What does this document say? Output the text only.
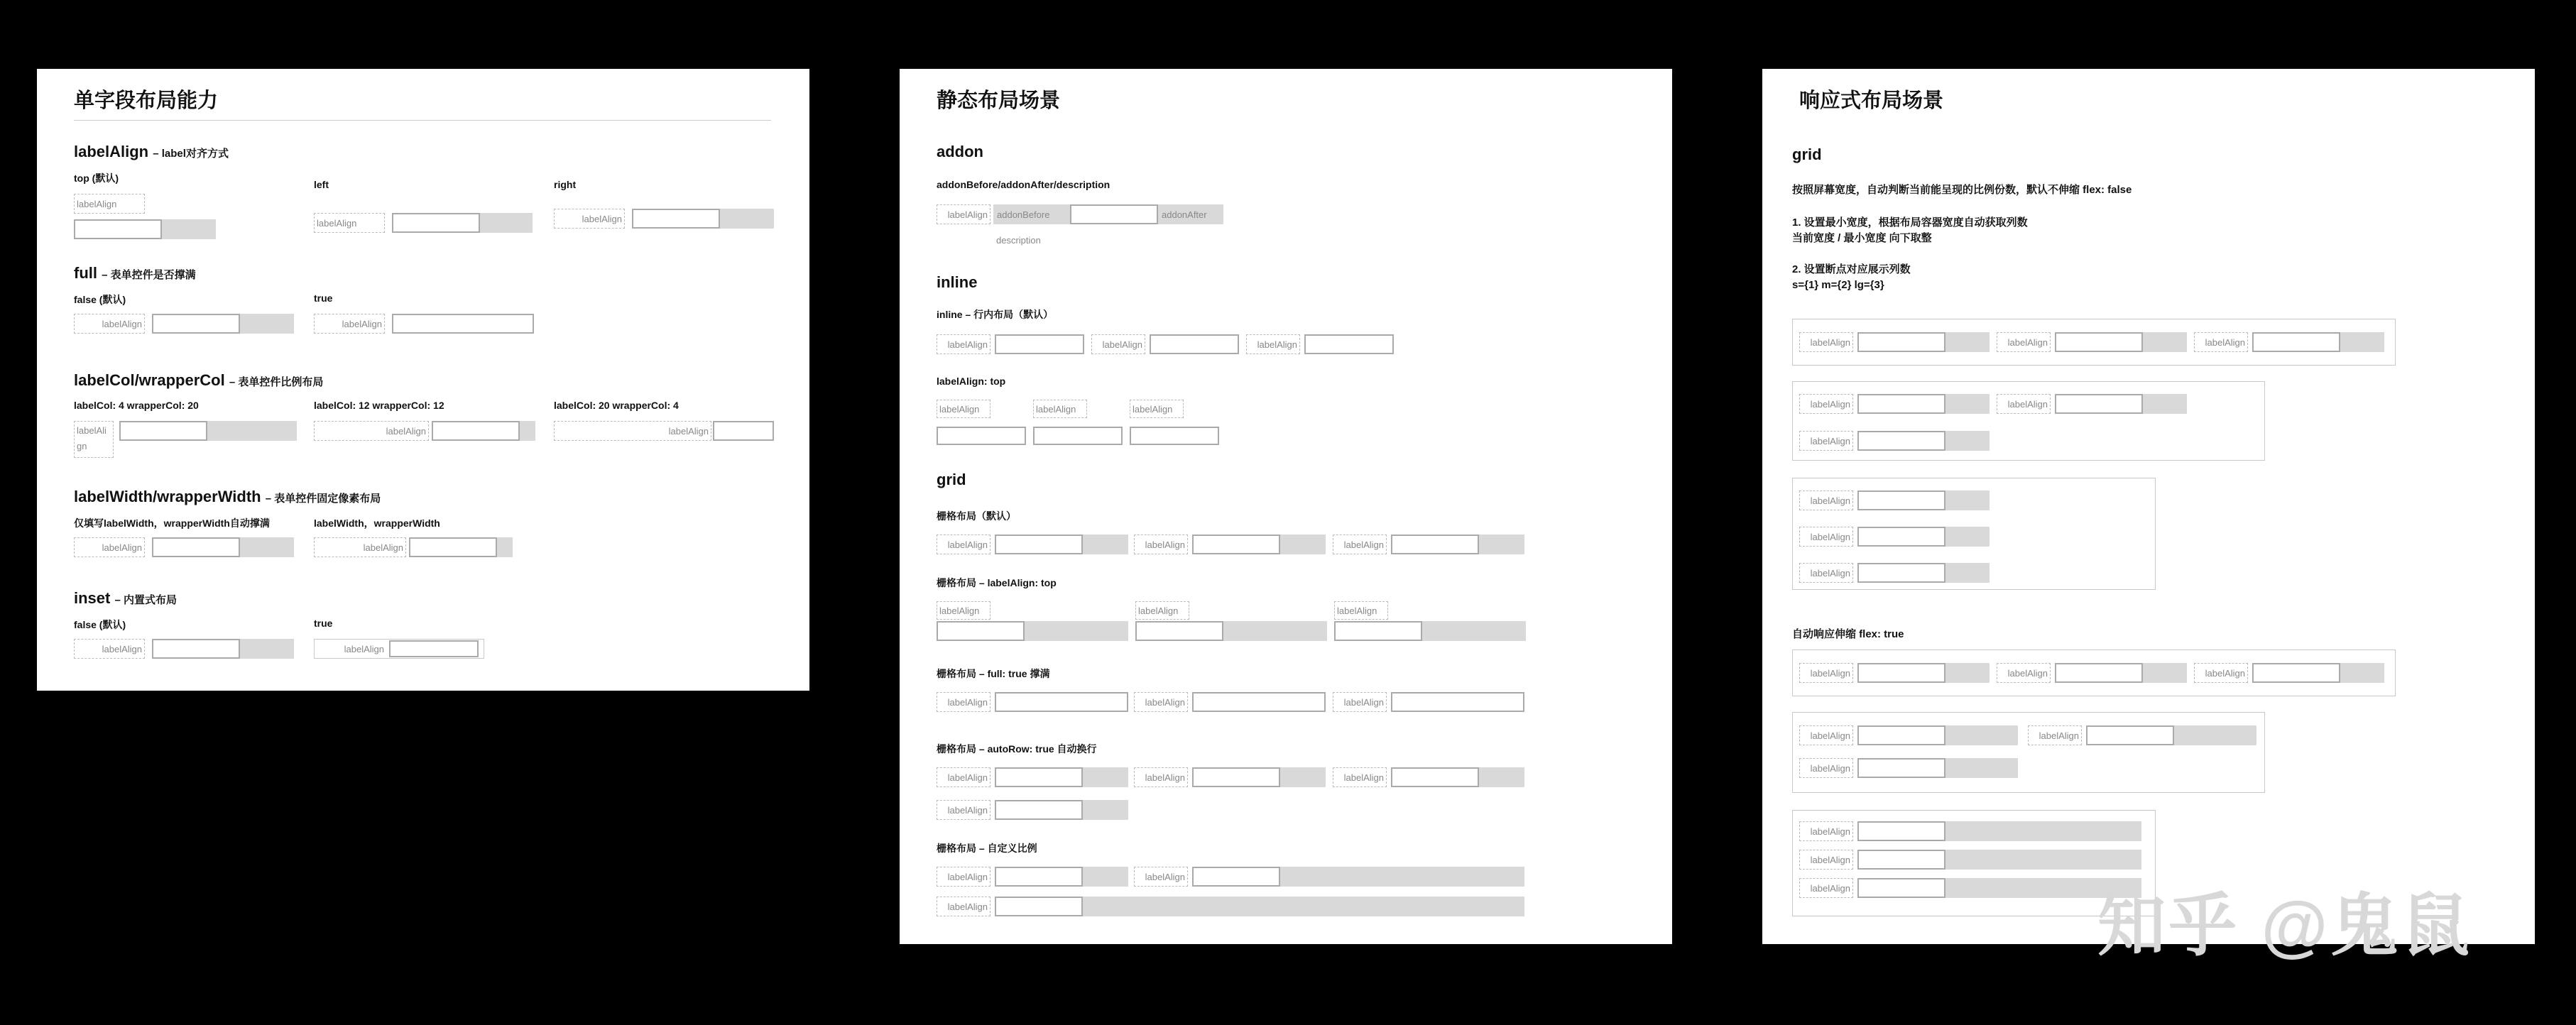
单字段布局能力
labelAlign – label对齐方式
top (默认)
left	right
labelAlign
labelAlign	labelAlign
full – 表单控件是否撑满
false (默认)	true
labelAlign	labelAlign
labelCol/wrapperCol – 表单控件比例布局
labelCol: 4 wrapperCol: 20	labelCol: 12 wrapperCol: 12	labelCol: 20 wrapperCol: 4
labelAlign
labelAlign	labelAlign
labelWidth/wrapperWidth – 表单控件固定像素布局
仅填写labelWidth，wrapperWidth自动撑满	labelWidth，wrapperWidth
labelAlign	labelAlign
inset – 内置式布局
false (默认)	true
labelAlign	labelAlign
静态布局场景
addon
addonBefore/addonAfter/description
labelAlign	addonBefore	addonAfter
description
inline
inline – 行内布局（默认）
labelAlign	labelAlign	labelAlign
labelAlign: top
labelAlign	labelAlign	labelAlign
grid
栅格布局（默认）
labelAlign	labelAlign	labelAlign
栅格布局 – labelAlign: top
labelAlign	labelAlign	labelAlign
栅格布局 – full: true 撑满
labelAlign	labelAlign	labelAlign
栅格布局 – autoRow: true 自动换行
labelAlign	labelAlign	labelAlign
labelAlign
栅格布局 – 自定义比例
labelAlign	labelAlign
labelAlign
响应式布局场景
grid
按照屏幕宽度，自动判断当前能呈现的比例份数，默认不伸缩 flex: false
1. 设置最小宽度，根据布局容器宽度自动获取列数
当前宽度 / 最小宽度 向下取整
2. 设置断点对应展示列数
s={1} m={2} lg={3}
labelAlign	labelAlign	labelAlign
labelAlign	labelAlign
labelAlign
labelAlign
labelAlign
labelAlign
自动响应伸缩 flex: true
labelAlign	labelAlign	labelAlign
labelAlign	labelAlign
labelAlign
labelAlign
labelAlign
labelAlign	知乎 @鬼鼠
